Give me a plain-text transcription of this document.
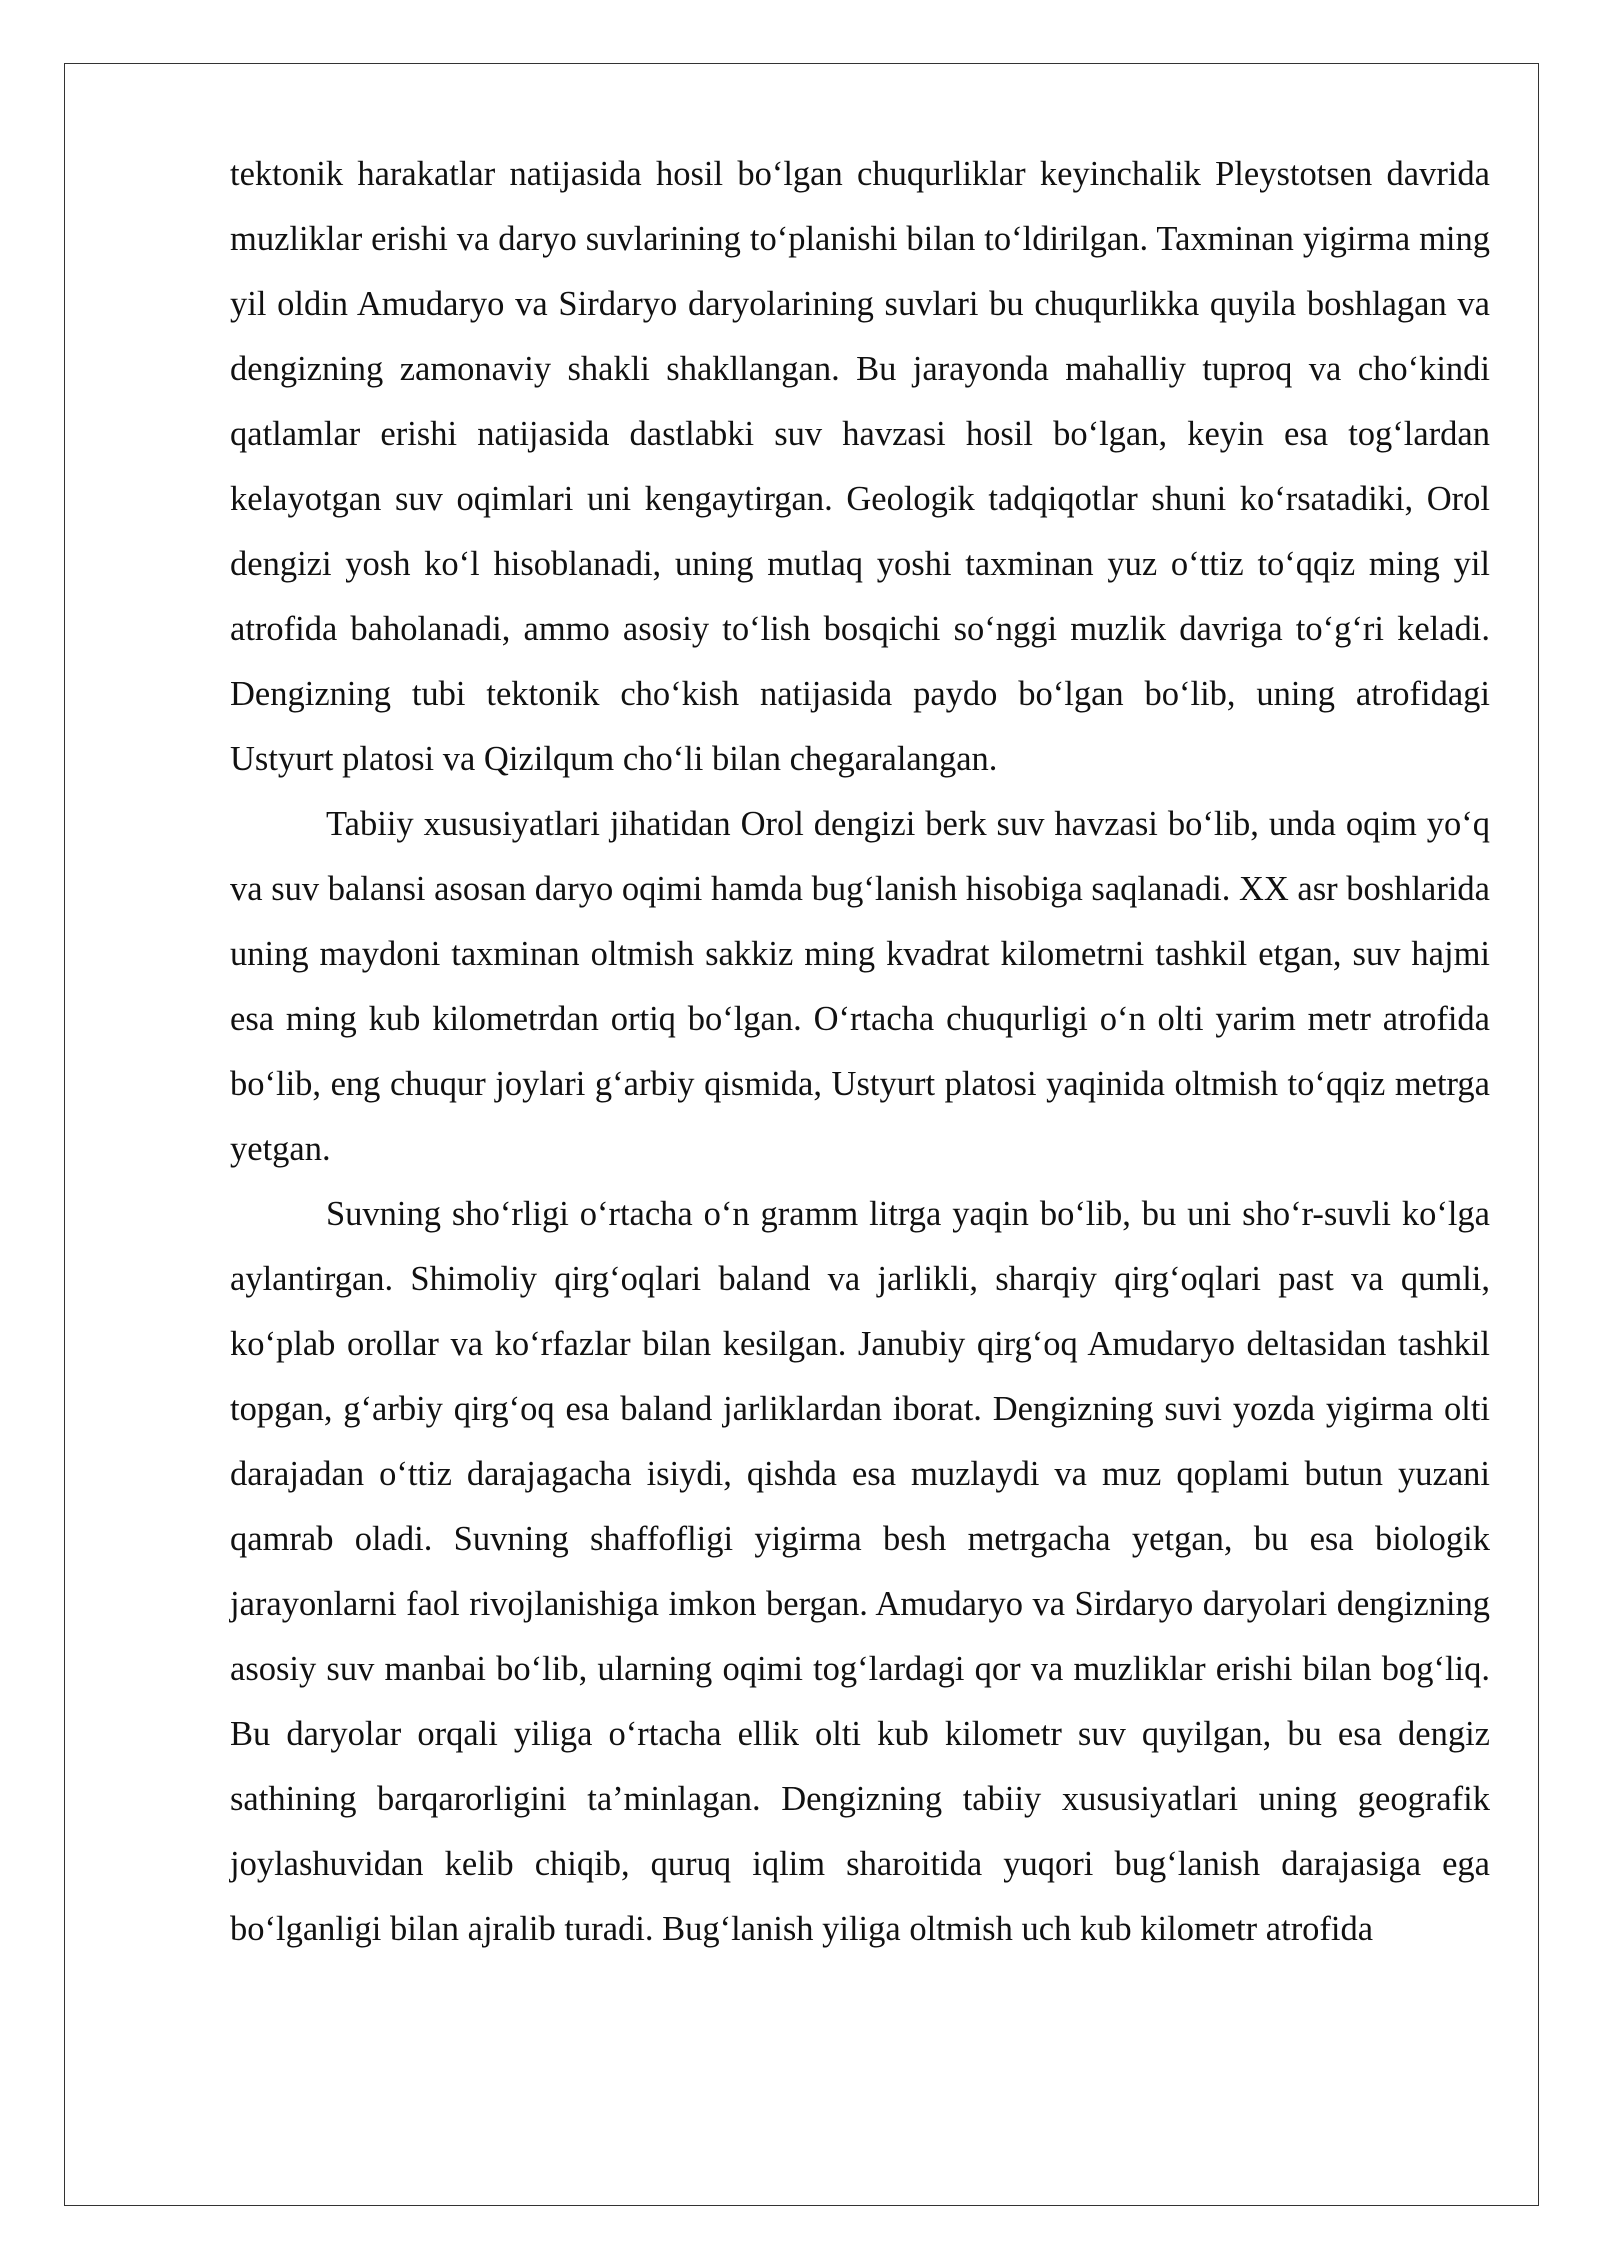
tektonik harakatlar natijasida hosil bo‘lgan chuqurliklar keyinchalik Pleystotsen davrida muzliklar erishi va daryo suvlarining to‘planishi bilan to‘ldirilgan. Taxminan yigirma ming yil oldin Amudaryo va Sirdaryo daryolarining suvlari bu chuqurlikka quyila boshlagan va dengizning zamonaviy shakli shakllangan. Bu jarayonda mahalliy tuproq va cho‘kindi qatlamlar erishi natijasida dastlabki suv havzasi hosil bo‘lgan, keyin esa tog‘lardan kelayotgan suv oqimlari uni kengaytirgan. Geologik tadqiqotlar shuni ko‘rsatadiki, Orol dengizi yosh ko‘l hisoblanadi, uning mutlaq yoshi taxminan yuz o‘ttiz to‘qqiz ming yil atrofida baholanadi, ammo asosiy to‘lish bosqichi so‘nggi muzlik davriga to‘g‘ri keladi. Dengizning tubi tektonik cho‘kish natijasida paydo bo‘lgan bo‘lib, uning atrofidagi Ustyurt platosi va Qizilqum cho‘li bilan chegaralangan.

Tabiiy xususiyatlari jihatidan Orol dengizi berk suv havzasi bo‘lib, unda oqim yo‘q va suv balansi asosan daryo oqimi hamda bug‘lanish hisobiga saqlanadi. XX asr boshlarida uning maydoni taxminan oltmish sakkiz ming kvadrat kilometrni tashkil etgan, suv hajmi esa ming kub kilometrdan ortiq bo‘lgan. O‘rtacha chuqurligi o‘n olti yarim metr atrofida bo‘lib, eng chuqur joylari g‘arbiy qismida, Ustyurt platosi yaqinida oltmish to‘qqiz metrga yetgan.

Suvning sho‘rligi o‘rtacha o‘n gramm litrga yaqin bo‘lib, bu uni sho‘r-suvli ko‘lga aylantirgan. Shimoliy qirg‘oqlari baland va jarlikli, sharqiy qirg‘oqlari past va qumli, ko‘plab orollar va ko‘rfazlar bilan kesilgan. Janubiy qirg‘oq Amudaryo deltasidan tashkil topgan, g‘arbiy qirg‘oq esa baland jarliklardan iborat. Dengizning suvi yozda yigirma olti darajadan o‘ttiz darajagacha isiydi, qishda esa muzlaydi va muz qoplami butun yuzani qamrab oladi. Suvning shaffofligi yigirma besh metrgacha yetgan, bu esa biologik jarayonlarni faol rivojlanishiga imkon bergan. Amudaryo va Sirdaryo daryolari dengizning asosiy suv manbai bo‘lib, ularning oqimi tog‘lardagi qor va muzliklar erishi bilan bog‘liq. Bu daryolar orqali yiliga o‘rtacha ellik olti kub kilometr suv quyilgan, bu esa dengiz sathining barqarorligini ta’minlagan. Dengizning tabiiy xususiyatlari uning geografik joylashuvidan kelib chiqib, quruq iqlim sharoitida yuqori bug‘lanish darajasiga ega bo‘lganligi bilan ajralib turadi. Bug‘lanish yiliga oltmish uch kub kilometr atrofida
